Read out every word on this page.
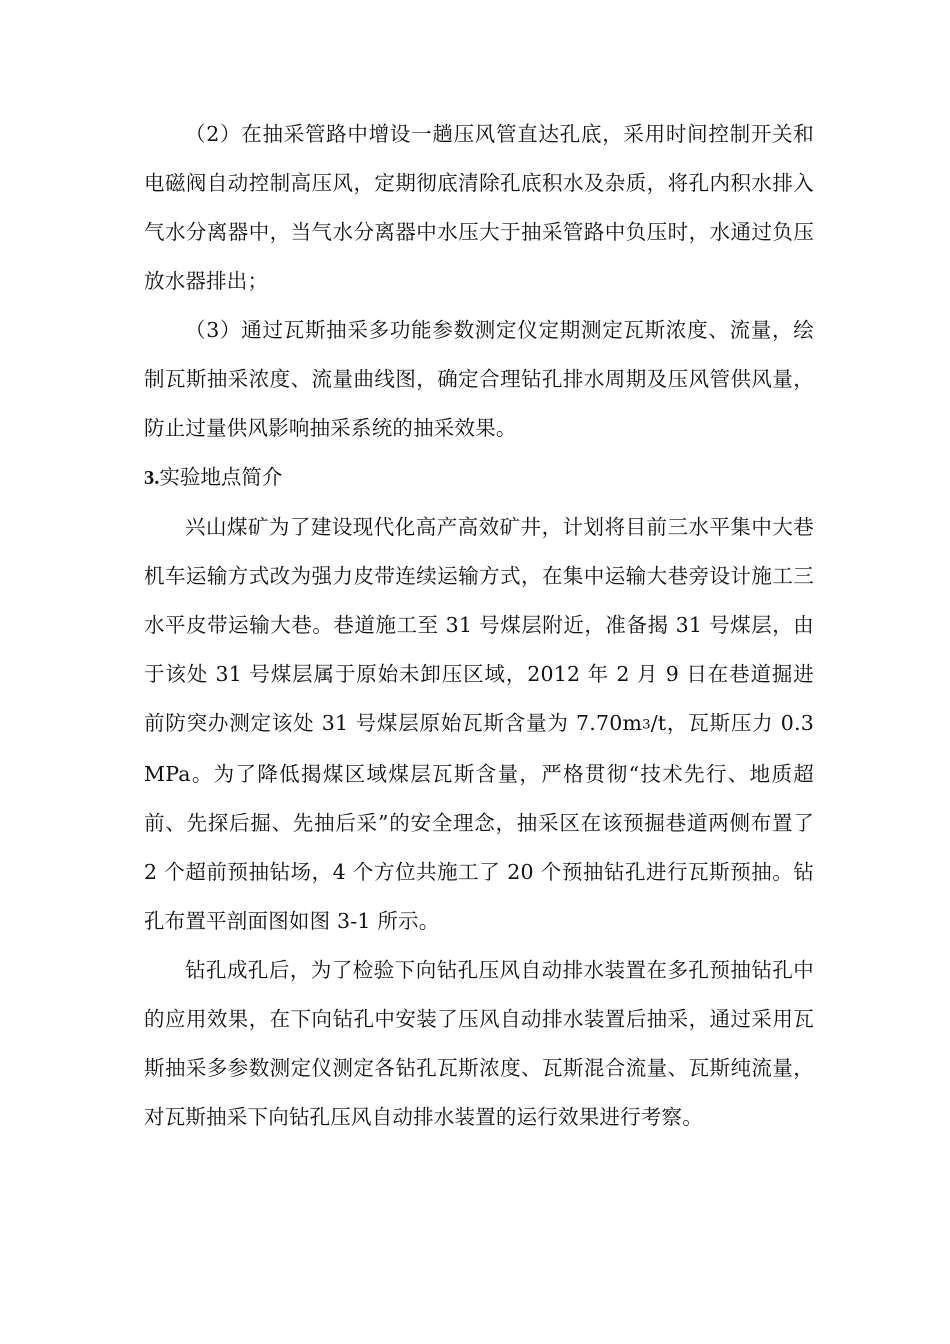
（2）在抽采管路中增设一趟压风管直达孔底，采用时间控制开关和电磁阀自动控制高压风，定期彻底清除孔底积水及杂质，将孔内积水排入气水分离器中，当气水分离器中水压大于抽采管路中负压时，水通过负压放水器排出；

（3）通过瓦斯抽采多功能参数测定仪定期测定瓦斯浓度、流量，绘制瓦斯抽采浓度、流量曲线图，确定合理钻孔排水周期及压风管供风量，防止过量供风影响抽采系统的抽采效果。

3.实验地点简介

兴山煤矿为了建设现代化高产高效矿井，计划将目前三水平集中大巷机车运输方式改为强力皮带连续运输方式，在集中运输大巷旁设计施工三水平皮带运输大巷。巷道施工至 31 号煤层附近，准备揭 31 号煤层，由于该处 31 号煤层属于原始未卸压区域，2012 年 2 月 9 日在巷道掘进前防突办测定该处 31 号煤层原始瓦斯含量为 7.70m3/t，瓦斯压力 0.3MPa。为了降低揭煤区域煤层瓦斯含量，严格贯彻“技术先行、地质超前、先探后掘、先抽后采”的安全理念，抽采区在该预掘巷道两侧布置了 2 个超前预抽钻场，4 个方位共施工了 20 个预抽钻孔进行瓦斯预抽。钻孔布置平剖面图如图 3-1 所示。

钻孔成孔后，为了检验下向钻孔压风自动排水装置在多孔预抽钻孔中的应用效果，在下向钻孔中安装了压风自动排水装置后抽采，通过采用瓦斯抽采多参数测定仪测定各钻孔瓦斯浓度、瓦斯混合流量、瓦斯纯流量，对瓦斯抽采下向钻孔压风自动排水装置的运行效果进行考察。
